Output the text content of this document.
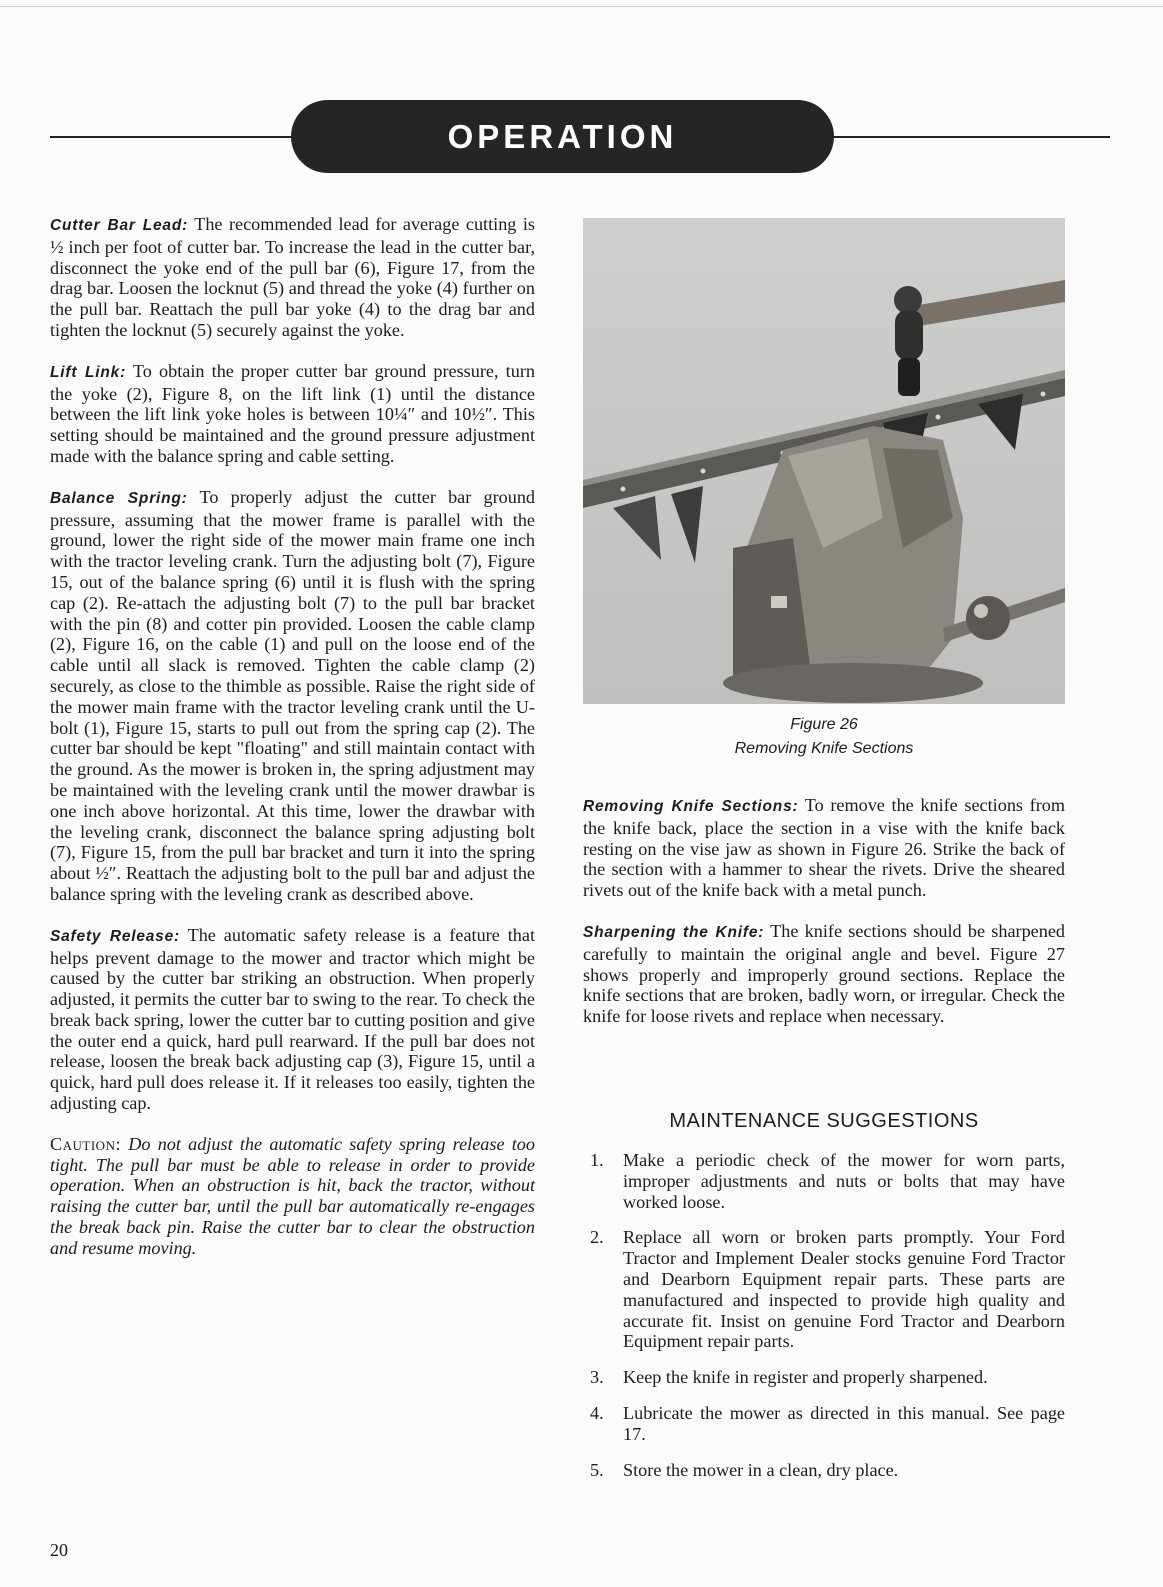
OPERATION

Cutter Bar Lead: The recommended lead for average cutting is ½ inch per foot of cutter bar. To increase the lead in the cutter bar, disconnect the yoke end of the pull bar (6), Figure 17, from the drag bar. Loosen the locknut (5) and thread the yoke (4) further on the pull bar. Reattach the pull bar yoke (4) to the drag bar and tighten the locknut (5) securely against the yoke.

Lift Link: To obtain the proper cutter bar ground pressure, turn the yoke (2), Figure 8, on the lift link (1) until the distance between the lift link yoke holes is between 10¼″ and 10½″. This setting should be maintained and the ground pressure adjustment made with the balance spring and cable setting.

Balance Spring: To properly adjust the cutter bar ground pressure, assuming that the mower frame is parallel with the ground, lower the right side of the mower main frame one inch with the tractor leveling crank. Turn the adjusting bolt (7), Figure 15, out of the balance spring (6) until it is flush with the spring cap (2). Re-attach the adjusting bolt (7) to the pull bar bracket with the pin (8) and cotter pin provided. Loosen the cable clamp (2), Figure 16, on the cable (1) and pull on the loose end of the cable until all slack is removed. Tighten the cable clamp (2) securely, as close to the thimble as possible. Raise the right side of the mower main frame with the tractor leveling crank until the U-bolt (1), Figure 15, starts to pull out from the spring cap (2). The cutter bar should be kept "floating" and still maintain contact with the ground. As the mower is broken in, the spring adjustment may be maintained with the leveling crank until the mower drawbar is one inch above horizontal. At this time, lower the drawbar with the leveling crank, disconnect the balance spring adjusting bolt (7), Figure 15, from the pull bar bracket and turn it into the spring about ½″. Reattach the adjusting bolt to the pull bar and adjust the balance spring with the leveling crank as described above.

Safety Release: The automatic safety release is a feature that helps prevent damage to the mower and tractor which might be caused by the cutter bar striking an obstruction. When properly adjusted, it permits the cutter bar to swing to the rear. To check the break back spring, lower the cutter bar to cutting position and give the outer end a quick, hard pull rearward. If the pull bar does not release, loosen the break back adjusting cap (3), Figure 15, until a quick, hard pull does release it. If it releases too easily, tighten the adjusting cap.

Caution: Do not adjust the automatic safety spring release too tight. The pull bar must be able to release in order to provide operation. When an obstruction is hit, back the tractor, without raising the cutter bar, until the pull bar automatically re-engages the break back pin. Raise the cutter bar to clear the obstruction and resume moving.

Figure 26
Removing Knife Sections

Removing Knife Sections: To remove the knife sections from the knife back, place the section in a vise with the knife back resting on the vise jaw as shown in Figure 26. Strike the back of the section with a hammer to shear the rivets. Drive the sheared rivets out of the knife back with a metal punch.

Sharpening the Knife: The knife sections should be sharpened carefully to maintain the original angle and bevel. Figure 27 shows properly and improperly ground sections. Replace the knife sections that are broken, badly worn, or irregular. Check the knife for loose rivets and replace when necessary.

MAINTENANCE SUGGESTIONS
1.	Make a periodic check of the mower for worn parts, improper adjustments and nuts or bolts that may have worked loose.
2.	Replace all worn or broken parts promptly. Your Ford Tractor and Implement Dealer stocks genuine Ford Tractor and Dearborn Equipment repair parts. These parts are manufactured and inspected to provide high quality and accurate fit. Insist on genuine Ford Tractor and Dearborn Equipment repair parts.
3.	Keep the knife in register and properly sharpened.
4.	Lubricate the mower as directed in this manual. See page 17.
5.	Store the mower in a clean, dry place.
20
